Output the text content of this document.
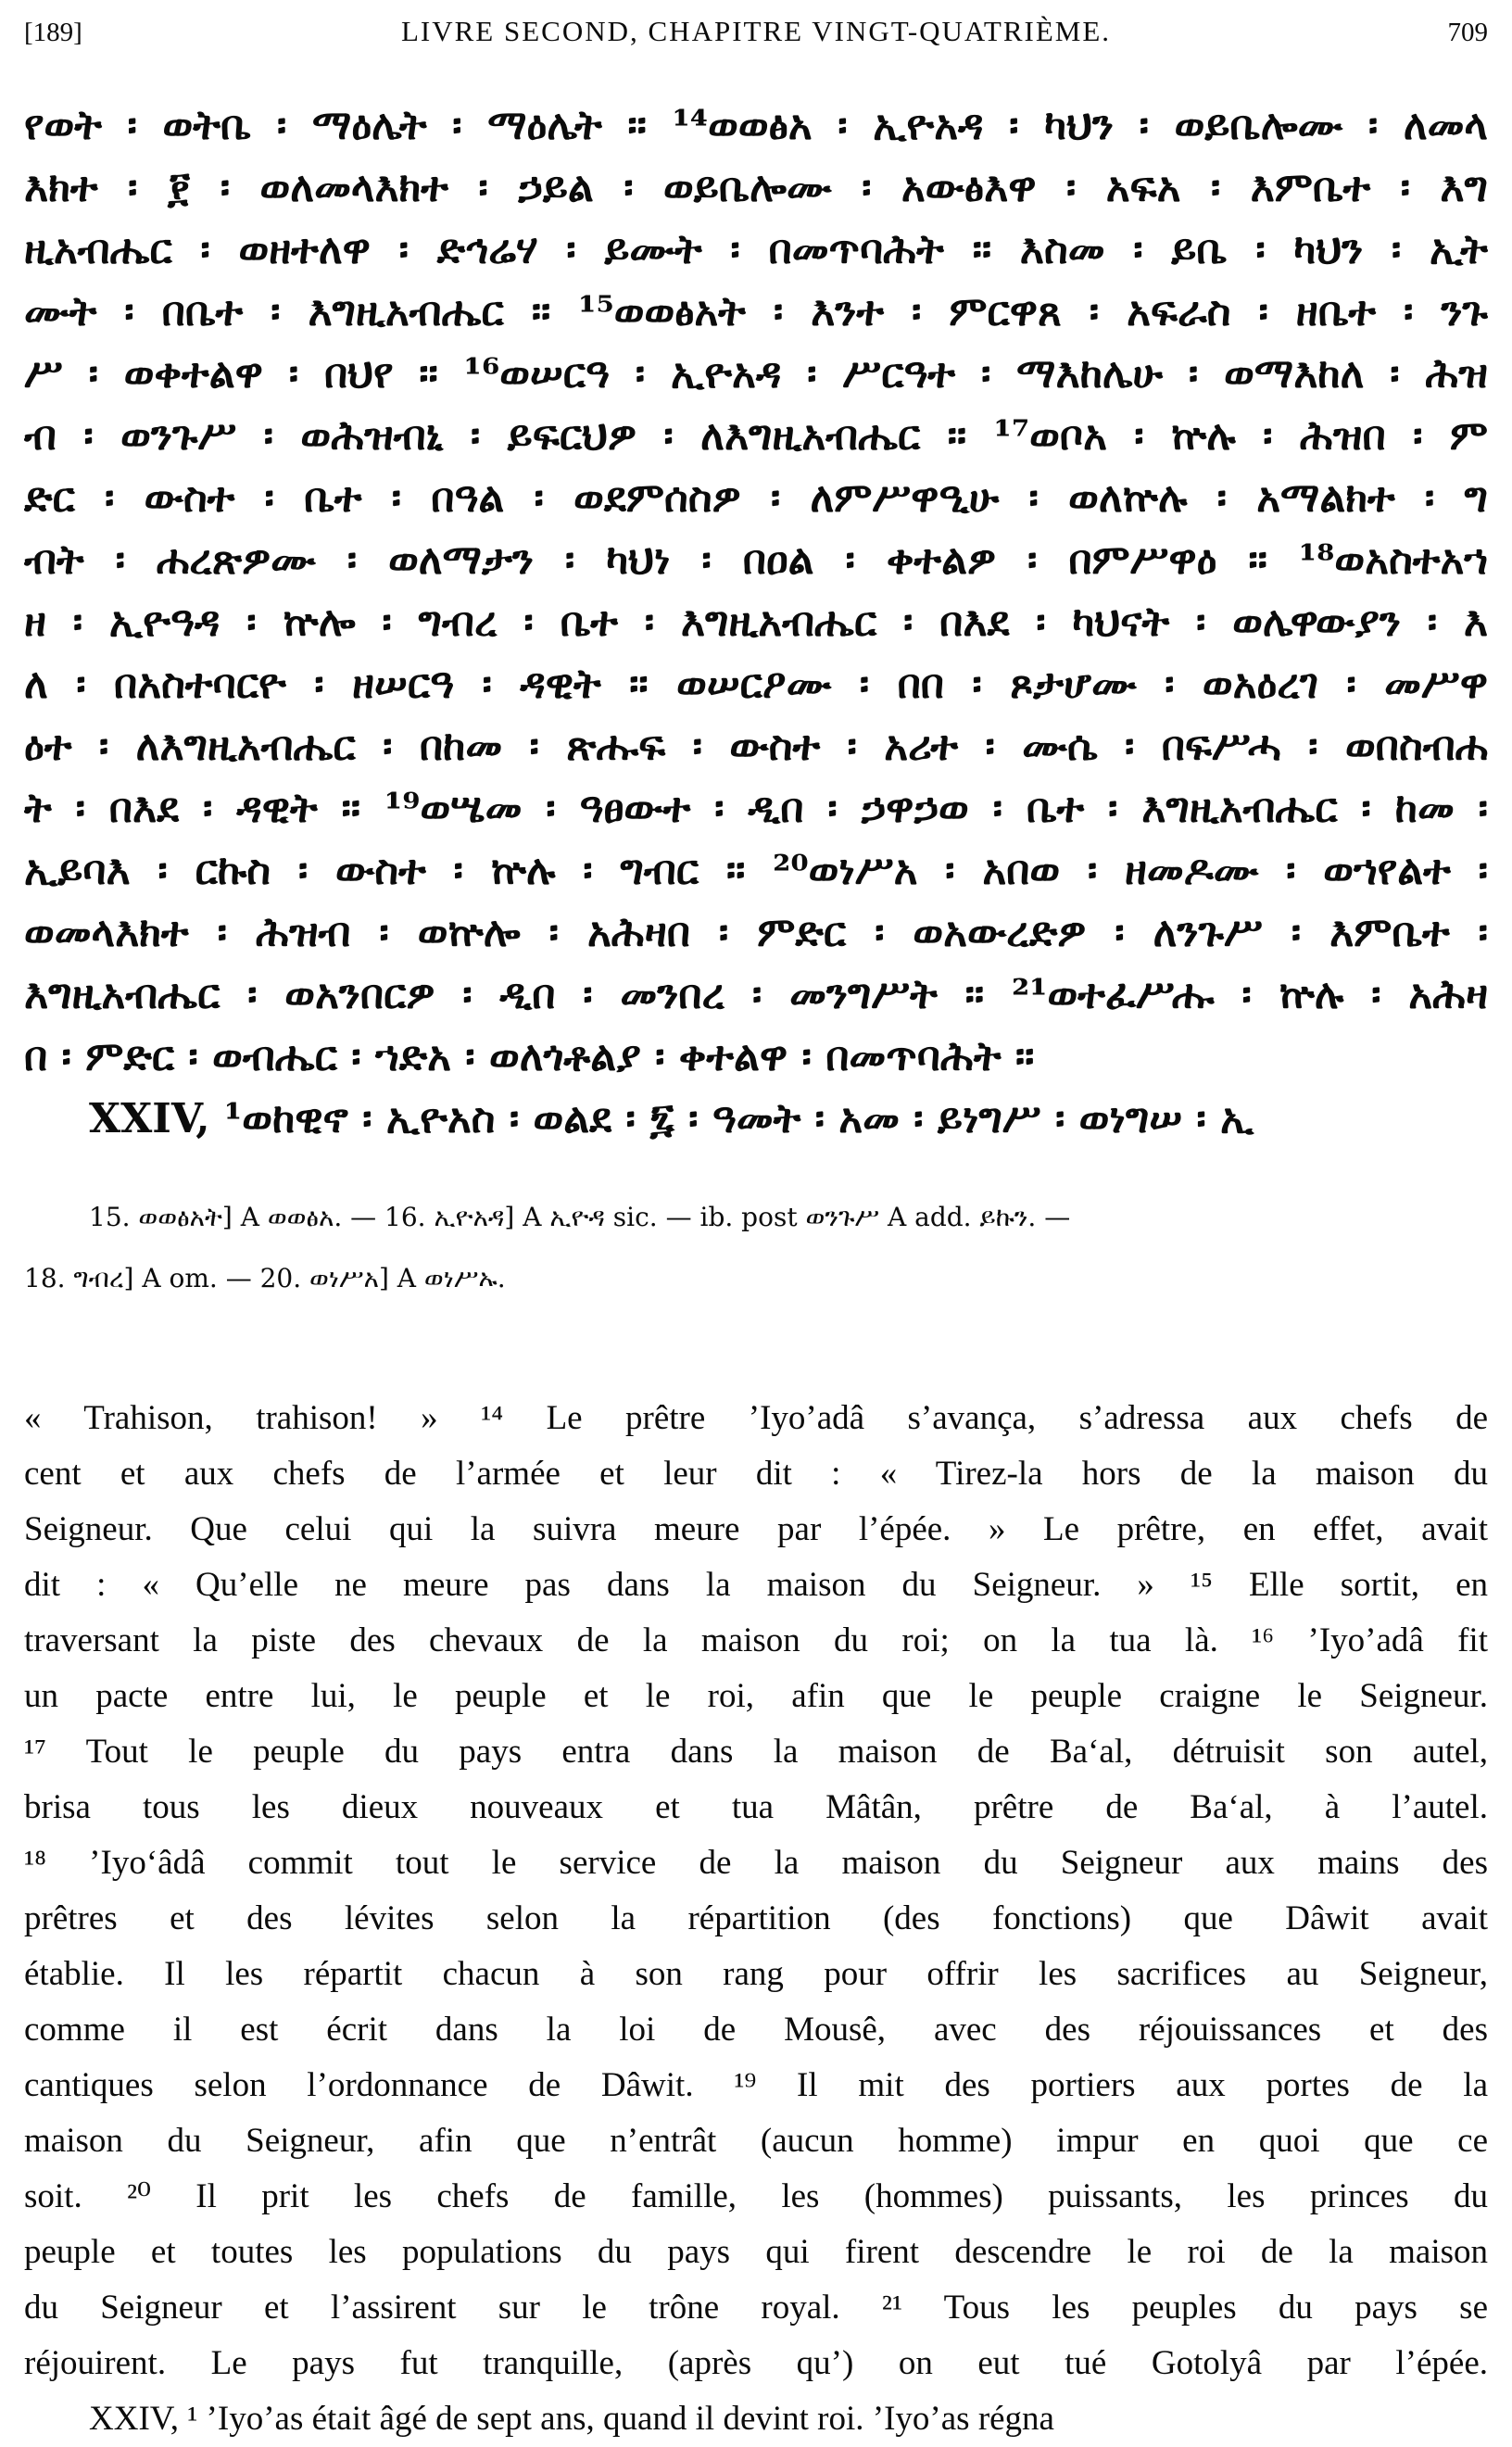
[189]	LIVRE SECOND, CHAPITRE VINGT-QUATRIÈME.	709
የወት ፡ ወትቤ ፡ ማዕሌት ፡ ማዕሌት ። ¹⁴ወወፅአ ፡ ኢዮአዳ ፡ ካህን ፡ ወይቤሎሙ ፡ ለመላ
እክተ ፡ ፻ ፡ ወለመላእክተ ፡ ኃይል ፡ ወይቤሎሙ ፡ አውፅእዋ ፡ አፍአ ፡ እምቤተ ፡ እግ
ዚአብሔር ፡ ወዘተለዋ ፡ ድኅሬሃ ፡ ይሙት ፡ በመጥባሕት ። እስመ ፡ ይቤ ፡ ካህን ፡ ኢት
ሙት ፡ በቤተ ፡ እግዚአብሔር ። ¹⁵ወወፅአት ፡ እንተ ፡ ምርዋጸ ፡ አፍራስ ፡ ዘቤተ ፡ ንጉ
ሥ ፡ ወቀተልዋ ፡ በህየ ። ¹⁶ወሠርዓ ፡ ኢዮአዳ ፡ ሥርዓተ ፡ ማእከሌሁ ፡ ወማእከለ ፡ ሕዝ
ብ ፡ ወንጉሥ ፡ ወሕዝብኒ ፡ ይፍርህዎ ፡ ለእግዚአብሔር ። ¹⁷ወቦአ ፡ ኵሉ ፡ ሕዝበ ፡ ም
ድር ፡ ውስተ ፡ ቤተ ፡ በዓል ፡ ወደምሰስዎ ፡ ለምሥዋዒሁ ፡ ወለኵሉ ፡ አማልክተ ፡ ግ
ብት ፡ ሐረጽዎሙ ፡ ወለማታን ፡ ካህነ ፡ በዐል ፡ ቀተልዎ ፡ በምሥዋዕ ። ¹⁸ወአስተአኀ
ዘ ፡ ኢዮዓዳ ፡ ኵሎ ፡ ግብረ ፡ ቤተ ፡ እግዚአብሔር ፡ በእደ ፡ ካህናት ፡ ወሌዋውያን ፡ እ
ለ ፡ በአስተባርዮ ፡ ዘሠርዓ ፡ ዳዊት ። ወሠርዖሙ ፡ በበ ፡ ጾታሆሙ ፡ ወአዕረገ ፡ መሥዋ
ዕተ ፡ ለእግዚአብሔር ፡ በከመ ፡ ጽሑፍ ፡ ውስተ ፡ አሪተ ፡ ሙሴ ፡ በፍሥሓ ፡ ወበስብሐ
ት ፡ በእደ ፡ ዳዊት ። ¹⁹ወሤመ ፡ ዓፀውተ ፡ ዲበ ፡ ኃዋኃወ ፡ ቤተ ፡ እግዚአብሔር ፡ ከመ ፡
ኢይባእ ፡ ርኩስ ፡ ውስተ ፡ ኵሉ ፡ ግብር ። ²⁰ወነሥአ ፡ አበወ ፡ ዘመዶሙ ፡ ወኀየልተ ፡
ወመላእክተ ፡ ሕዝብ ፡ ወኵሎ ፡ አሕዛበ ፡ ምድር ፡ ወአውረድዎ ፡ ለንጉሥ ፡ እምቤተ ፡
እግዚአብሔር ፡ ወአንበርዎ ፡ ዲበ ፡ መንበረ ፡ መንግሥት ። ²¹ወተፈሥሑ ፡ ኵሉ ፡ አሕዛ
በ ፡ ምድር ፡ ወብሔር ፡ ኀድአ ፡ ወለጎቶልያ ፡ ቀተልዋ ፡ በመጥባሕት ።
XXIV, ¹ወከዊኖ ፡ ኢዮአስ ፡ ወልደ ፡ ፯ ፡ ዓመት ፡ አመ ፡ ይነግሥ ፡ ወነግሠ ፡ ኢ
15. ወወፅአት] A ወወፅአ. — 16. ኢዮአዳ] A ኢዮዳ sic. — ib. post ወንጉሥ A add. ይኩን. —
18. ግብረ] A om. — 20. ወነሥአ] A ወነሥኡ.
« Trahison, trahison! » ¹⁴ Le prêtre ’Iyo’adâ s’avança, s’adressa aux chefs de
cent et aux chefs de l’armée et leur dit : « Tirez-la hors de la maison du
Seigneur. Que celui qui la suivra meure par l’épée. » Le prêtre, en effet, avait
dit : « Qu’elle ne meure pas dans la maison du Seigneur. » ¹⁵ Elle sortit, en
traversant la piste des chevaux de la maison du roi; on la tua là. ¹⁶ ’Iyo’adâ fit
un pacte entre lui, le peuple et le roi, afin que le peuple craigne le Seigneur.
¹⁷ Tout le peuple du pays entra dans la maison de Ba‘al, détruisit son autel,
brisa tous les dieux nouveaux et tua Mâtân, prêtre de Ba‘al, à l’autel.
¹⁸ ’Iyo‘âdâ commit tout le service de la maison du Seigneur aux mains des
prêtres et des lévites selon la répartition (des fonctions) que Dâwit avait
établie. Il les répartit chacun à son rang pour offrir les sacrifices au Seigneur,
comme il est écrit dans la loi de Mousê, avec des réjouissances et des
cantiques selon l’ordonnance de Dâwit. ¹⁹ Il mit des portiers aux portes de la
maison du Seigneur, afin que n’entrât (aucun homme) impur en quoi que ce
soit. ²⁰ Il prit les chefs de famille, les (hommes) puissants, les princes du
peuple et toutes les populations du pays qui firent descendre le roi de la maison
du Seigneur et l’assirent sur le trône royal. ²¹ Tous les peuples du pays se
réjouirent. Le pays fut tranquille, (après qu’) on eut tué Gotolyâ par l’épée.
XXIV, ¹ ’Iyo’as était âgé de sept ans, quand il devint roi. ’Iyo’as régna
